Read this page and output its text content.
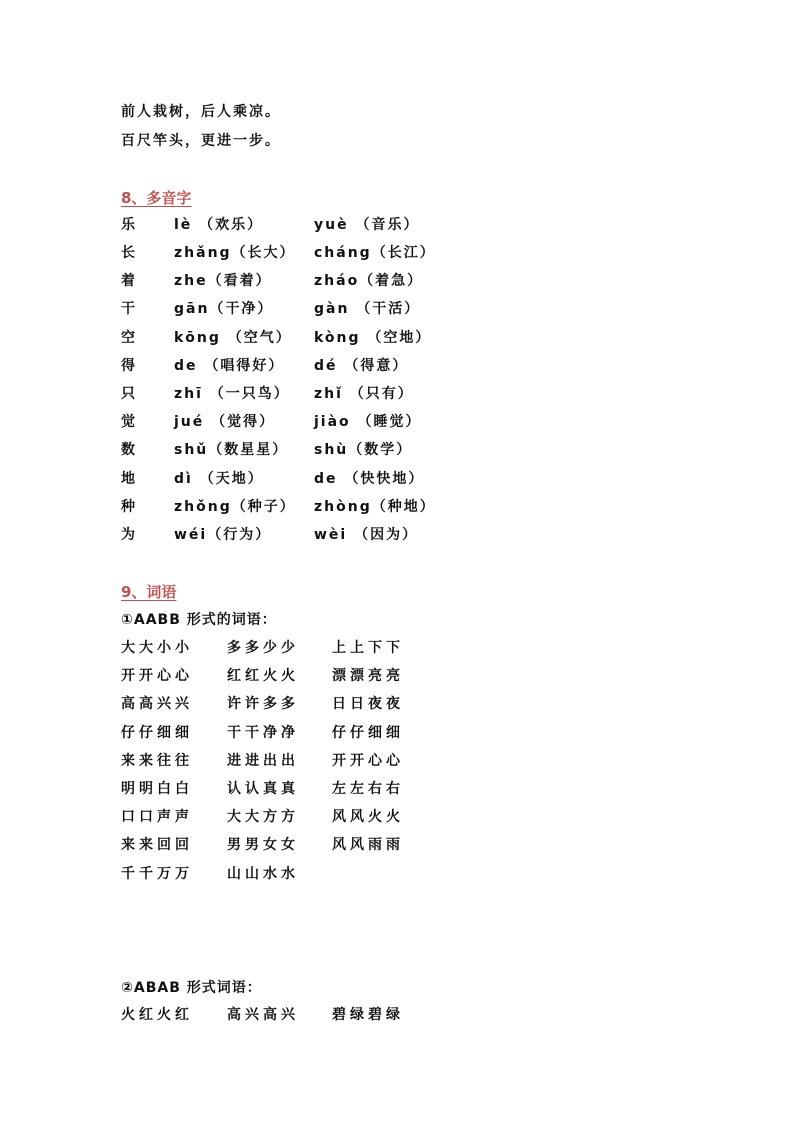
前人栽树，后人乘凉。
百尺竿头，更进一步。
8、多音字
乐	lè （欢乐）	yuè （音乐）
长	zhǎng（长大） cháng（长江）
着	zhe（看着）	zháo（着急）
干	gān（干净）	gàn （干活）
空	kōng （空气） kòng （空地）
得	de （唱得好） dé （得意）
只	zhī （一只鸟） zhǐ （只有）
觉	jué （觉得）	jiào （睡觉）
数	shǔ（数星星） shù（数学）
地	dì （天地）	de （快快地）
种	zhǒng（种子） zhòng（种地）
为	wéi（行为）	wèi （因为）
9、词语
①AABB 形式的词语：
大大小小 多多少少 上上下下
开开心心 红红火火 漂漂亮亮
高高兴兴 许许多多 日日夜夜
仔仔细细 干干净净 仔仔细细
来来往往 进进出出 开开心心
明明白白 认认真真 左左右右
口口声声 大大方方 风风火火
来来回回 男男女女 风风雨雨
千千万万 山山水水
②ABAB 形式词语：
火红火红 高兴高兴 碧绿碧绿
